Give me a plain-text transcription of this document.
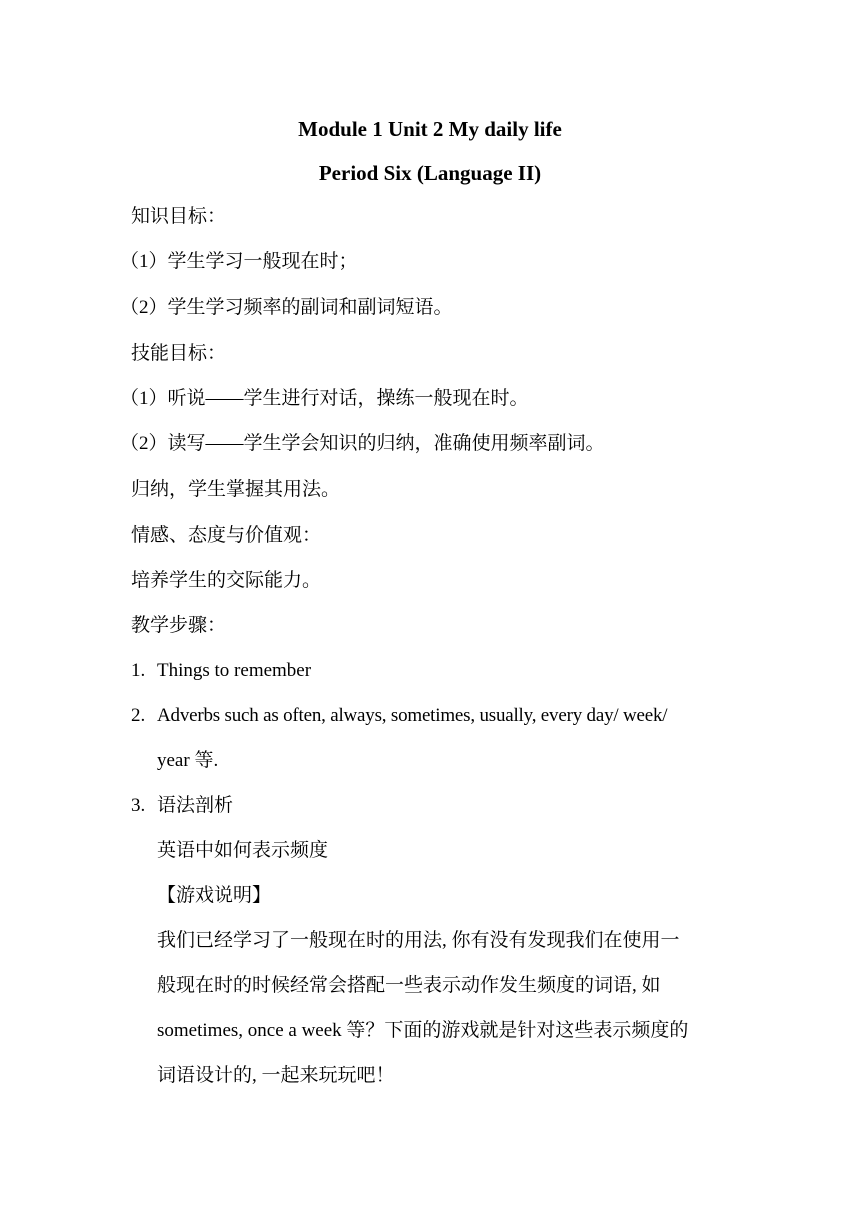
Module 1 Unit 2 My daily life
Period Six (Language II)
知识目标：
（1）学生学习一般现在时；
（2）学生学习频率的副词和副词短语。
技能目标：
（1）听说——学生进行对话，操练一般现在时。
（2）读写——学生学会知识的归纳，准确使用频率副词。
归纳，学生掌握其用法。
情感、态度与价值观：
培养学生的交际能力。
教学步骤：
1. Things to remember
2. Adverbs such as often, always, sometimes, usually, every day/ week/
year 等.
3. 语法剖析
英语中如何表示频度
【游戏说明】
我们已经学习了一般现在时的用法, 你有没有发现我们在使用一
般现在时的时候经常会搭配一些表示动作发生频度的词语, 如
sometimes, once a week 等？下面的游戏就是针对这些表示频度的
词语设计的, 一起来玩玩吧！
